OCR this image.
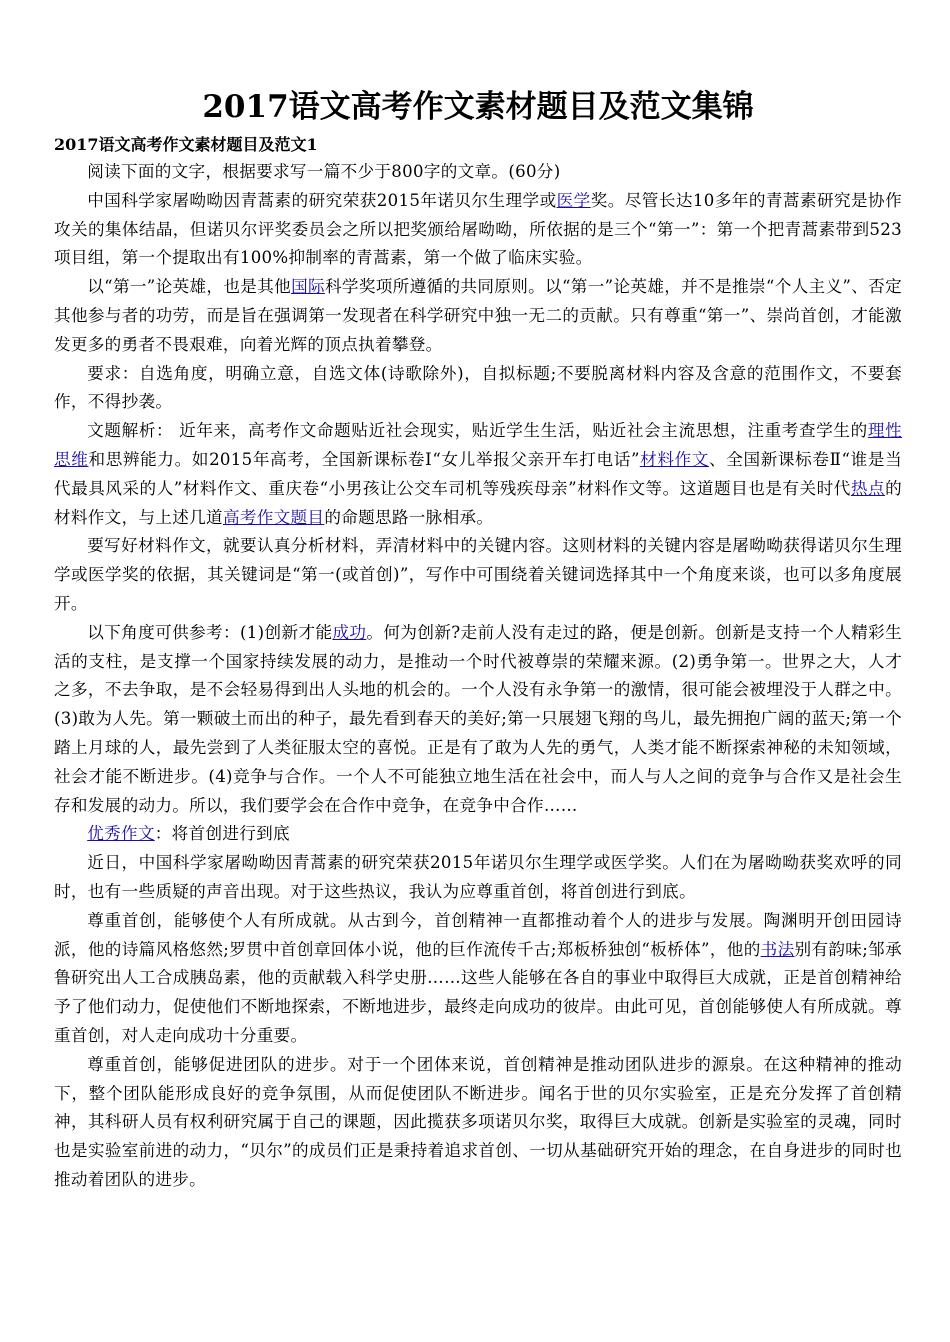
2017语文高考作文素材题目及范文集锦
2017语文高考作文素材题目及范文1

阅读下面的文字，根据要求写一篇不少于800字的文章。(60分)

中国科学家屠呦呦因青蒿素的研究荣获2015年诺贝尔生理学或医学奖。尽管长达10多年的青蒿素研究是协作攻关的集体结晶，但诺贝尔评奖委员会之所以把奖颁给屠呦呦，所依据的是三个“第一”：第一个把青蒿素带到523项目组，第一个提取出有100%抑制率的青蒿素，第一个做了临床实验。

以“第一”论英雄，也是其他国际科学奖项所遵循的共同原则。以“第一”论英雄，并不是推崇“个人主义”、否定其他参与者的功劳，而是旨在强调第一发现者在科学研究中独一无二的贡献。只有尊重“第一”、崇尚首创，才能激发更多的勇者不畏艰难，向着光辉的顶点执着攀登。

要求：自选角度，明确立意，自选文体(诗歌除外)，自拟标题;不要脱离材料内容及含意的范围作文，不要套作，不得抄袭。

文题解析： 近年来，高考作文命题贴近社会现实，贴近学生生活，贴近社会主流思想，注重考查学生的理性思维和思辨能力。如2015年高考，全国新课标卷Ⅰ“女儿举报父亲开车打电话”材料作文、全国新课标卷Ⅱ“谁是当代最具风采的人”材料作文、重庆卷“小男孩让公交车司机等残疾母亲”材料作文等。这道题目也是有关时代热点的材料作文，与上述几道高考作文题目的命题思路一脉相承。

要写好材料作文，就要认真分析材料，弄清材料中的关键内容。这则材料的关键内容是屠呦呦获得诺贝尔生理学或医学奖的依据，其关键词是“第一(或首创)”，写作中可围绕着关键词选择其中一个角度来谈，也可以多角度展开。

以下角度可供参考：(1)创新才能成功。何为创新?走前人没有走过的路，便是创新。创新是支持一个人精彩生活的支柱，是支撑一个国家持续发展的动力，是推动一个时代被尊崇的荣耀来源。(2)勇争第一。世界之大，人才之多，不去争取，是不会轻易得到出人头地的机会的。一个人没有永争第一的激情，很可能会被埋没于人群之中。(3)敢为人先。第一颗破土而出的种子，最先看到春天的美好;第一只展翅飞翔的鸟儿，最先拥抱广阔的蓝天;第一个踏上月球的人，最先尝到了人类征服太空的喜悦。正是有了敢为人先的勇气，人类才能不断探索神秘的未知领域，社会才能不断进步。(4)竞争与合作。一个人不可能独立地生活在社会中，而人与人之间的竞争与合作又是社会生存和发展的动力。所以，我们要学会在合作中竞争，在竞争中合作……

优秀作文：将首创进行到底

近日，中国科学家屠呦呦因青蒿素的研究荣获2015年诺贝尔生理学或医学奖。人们在为屠呦呦获奖欢呼的同时，也有一些质疑的声音出现。对于这些热议，我认为应尊重首创，将首创进行到底。

尊重首创，能够使个人有所成就。从古到今，首创精神一直都推动着个人的进步与发展。陶渊明开创田园诗派，他的诗篇风格悠然;罗贯中首创章回体小说，他的巨作流传千古;郑板桥独创“板桥体”，他的书法别有韵味;邹承鲁研究出人工合成胰岛素，他的贡献载入科学史册……这些人能够在各自的事业中取得巨大成就，正是首创精神给予了他们动力，促使他们不断地探索，不断地进步，最终走向成功的彼岸。由此可见，首创能够使人有所成就。尊重首创，对人走向成功十分重要。

尊重首创，能够促进团队的进步。对于一个团体来说，首创精神是推动团队进步的源泉。在这种精神的推动下，整个团队能形成良好的竞争氛围，从而促使团队不断进步。闻名于世的贝尔实验室，正是充分发挥了首创精神，其科研人员有权利研究属于自己的课题，因此揽获多项诺贝尔奖，取得巨大成就。创新是实验室的灵魂，同时也是实验室前进的动力，“贝尔”的成员们正是秉持着追求首创、一切从基础研究开始的理念，在自身进步的同时也推动着团队的进步。
